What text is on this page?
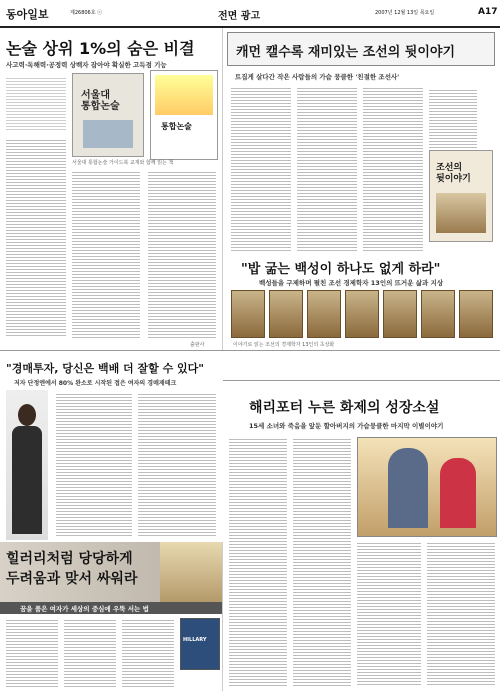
동아일보	제26806호 ⓒ	전면 광고	2007년 12월 13일 목요일	A17
논술 상위 1%의 숨은 비결
사고력·독해력·공정력 상백자 잡아야 확실한 고득점 기능
서울대
통합논술
통합논술
서울대 통합논술 가이드북 교재와 함께 읽는 책
출판사
캐먼 캘수록 재미있는 조선의 뒷이야기
트집게 살다간 작은 사람들의 가슴 뭉클한 '친절한 조선사'
조선의
뒷이야기
"밥 굶는 백성이 하나도 없게 하라"
백성들을 구제하며 펼친 조선 경제학자 13인의 뜨거운 삶과 지상
이야기로 읽는 조선의 경제학자 13인의 초상화
"경매투자, 당신은 백배 더 잘할 수 있다"
저자 단정엔에서 80% 완소로 시작된 접은 여자의 경매재테크
힐러리처럼 당당하게
두려움과 맞서 싸워라
꿈을 품은 여자가 세상의 중심에 우뚝 서는 법
HILLARY
해리포터 누른 화제의 성장소설
15세 소녀와 죽음을 앞둔 할아버지의 가슴뭉클한 마지막 이별이야기
